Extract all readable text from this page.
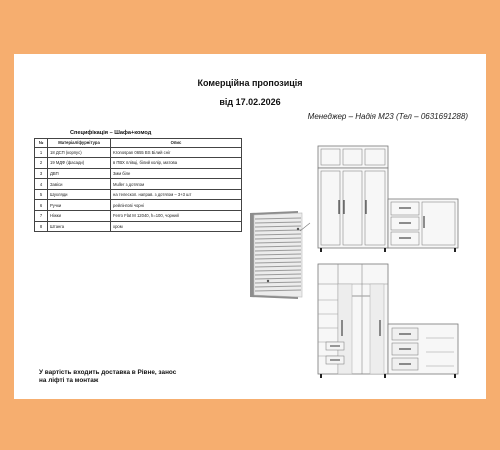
Комерційна пропозиція
від 17.02.2026
Менеджер – Надія М23 (Тел – 0631691288)
Специфікація – Шафа+комод
№	Матеріал/фурнітура	Опис
1	18 ДСП (корпус)	Kronospan 0655 BS Білий сніг
2	19 МДФ (фасади)	в ПВХ плівці, білий колір, матова
3	ДВП	3мм біле
4	Завіси	Muller з дотягом
5	Шухляди	на телескоп. направ. з дотягом – 3+3 шт
6	Ручки	рейлінгові чорні
7	Ніжки	Ferro Flat M 12040, h=100, чорний
8	Штанга	хром
У вартість входить доставка в Рівне, занос
на ліфті та монтаж
